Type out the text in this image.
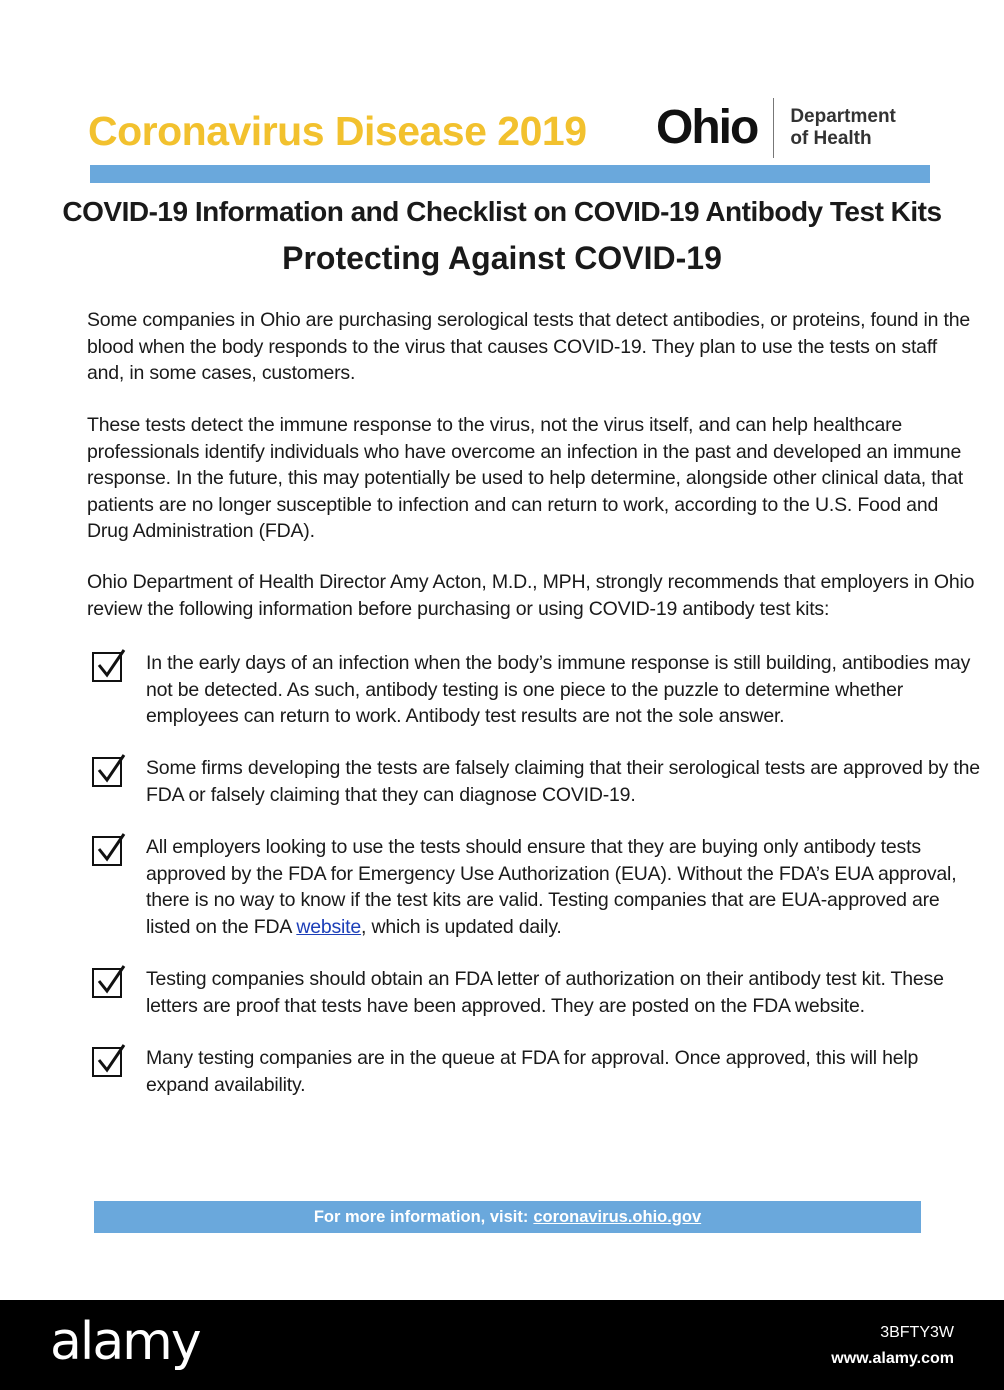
Coronavirus Disease 2019 Ohio Department
of Health
COVID-19 Information and Checklist on COVID-19 Antibody Test Kits
Protecting Against COVID-19

Some companies in Ohio are purchasing serological tests that detect antibodies, or proteins, found in the blood when the body responds to the virus that causes COVID-19. They plan to use the tests on staff and, in some cases, customers.

These tests detect the immune response to the virus, not the virus itself, and can help healthcare professionals identify individuals who have overcome an infection in the past and developed an immune response. In the future, this may potentially be used to help determine, alongside other clinical data, that patients are no longer susceptible to infection and can return to work, according to the U.S. Food and Drug Administration (FDA).

Ohio Department of Health Director Amy Acton, M.D., MPH, strongly recommends that employers in Ohio review the following information before purchasing or using COVID-19 antibody test kits:

In the early days of an infection when the body’s immune response is still building, antibodies may not be detected. As such, antibody testing is one piece to the puzzle to determine whether employees can return to work. Antibody test results are not the sole answer.

Some firms developing the tests are falsely claiming that their serological tests are approved by the FDA or falsely claiming that they can diagnose COVID-19.

All employers looking to use the tests should ensure that they are buying only antibody tests approved by the FDA for Emergency Use Authorization (EUA). Without the FDA’s EUA approval, there is no way to know if the test kits are valid. Testing companies that are EUA-approved are listed on the FDA website, which is updated daily.

Testing companies should obtain an FDA letter of authorization on their antibody test kit. These letters are proof that tests have been approved. They are posted on the FDA website.

Many testing companies are in the queue at FDA for approval. Once approved, this will help expand availability.

For more information, visit: coronavirus.ohio.gov
alamy	3BFTY3W
www.alamy.com
